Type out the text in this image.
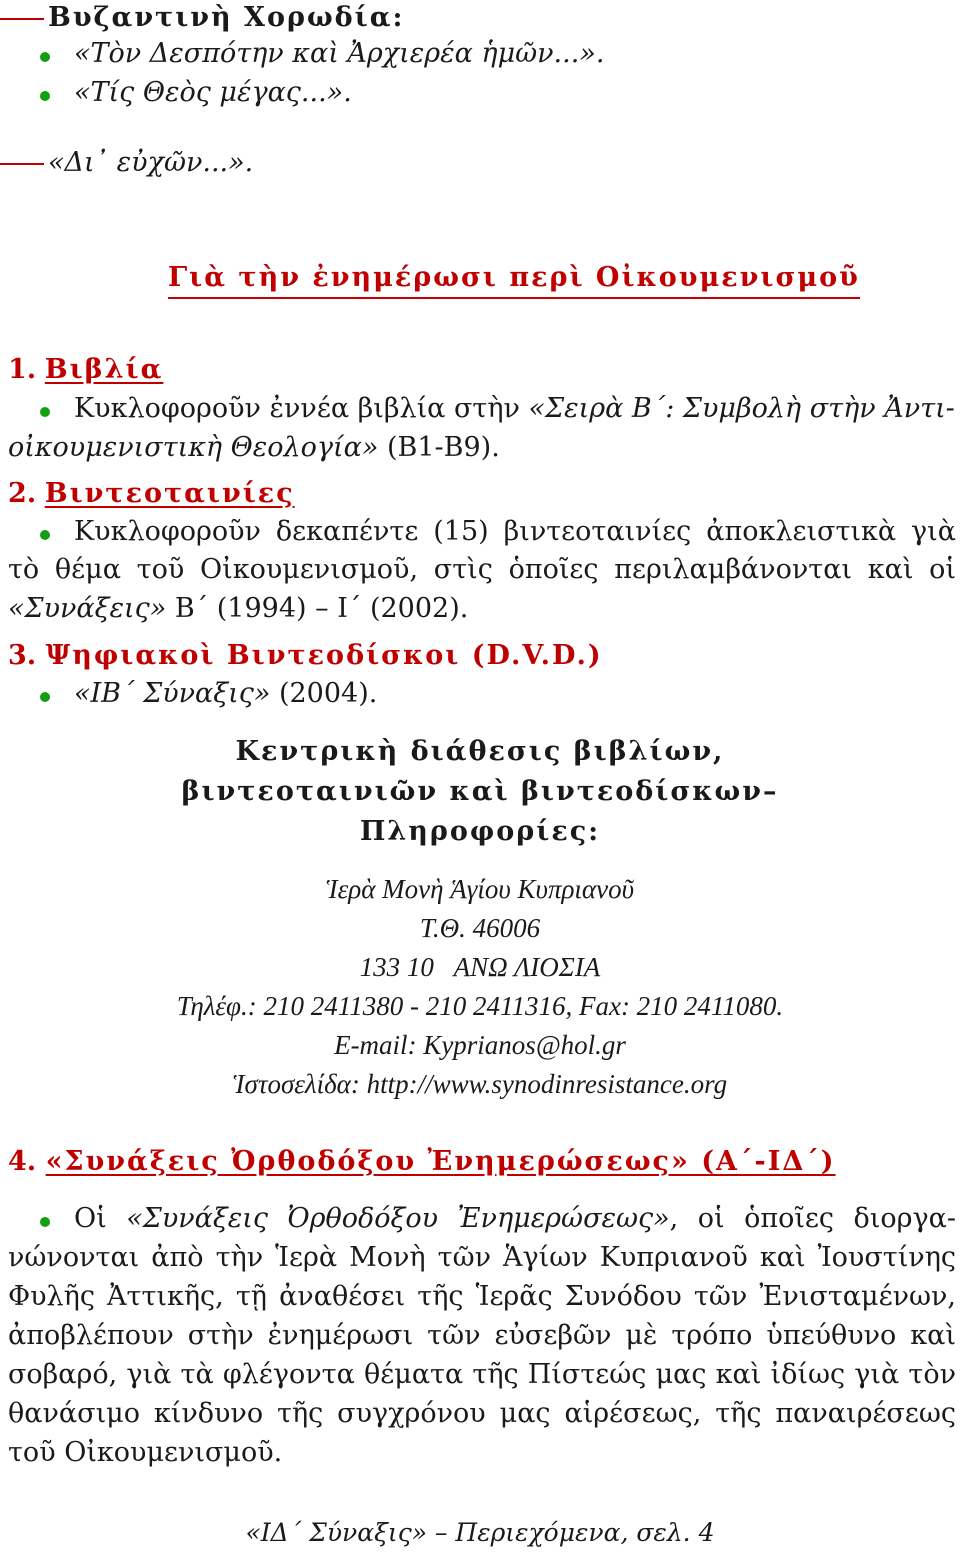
Βυζαντινὴ Χορωδία:
«Τὸν Δεσπότην καὶ Ἀρχιερέα ἡμῶν...».
«Τίς Θεὸς μέγας...».
«Δι᾽ εὐχῶν...».
Γιὰ τὴν ἐνημέρωσι περὶ Οἰκουμενισμοῦ
1. Βιβλία
Κυκλοφοροῦν ἐννέα βιβλία στὴν «Σειρὰ Β΄: Συμβολὴ στὴν Ἀντι-
οἰκουμενιστικὴ Θεολογία» (Β1-Β9).
2. Βιντεοταινίες
Κυκλοφοροῦν δεκαπέντε (15) βιντεοταινίες ἀποκλειστικὰ γιὰ
τὸ θέμα τοῦ Οἰκουμενισμοῦ, στὶς ὁποῖες περιλαμβάνονται καὶ οἱ
«Συνάξεις» Β΄ (1994) – Ι΄ (2002).
3. Ψηφιακοὶ Βιντεοδίσκοι (D.V.D.)
«ΙΒ΄ Σύναξις» (2004).
Κεντρικὴ διάθεσις βιβλίων,
βιντεοταινιῶν καὶ βιντεοδίσκων–
Πληροφορίες:
Ἱερὰ Μονὴ Ἁγίου Κυπριανοῦ
Τ.Θ. 46006
133 10   ΑΝΩ ΛΙΟΣΙΑ
Τηλέφ.: 210 2411380 - 210 2411316, Fax: 210 2411080.
E-mail: Kyprianos@hol.gr
Ἱστοσελίδα: http://www.synodinresistance.org
4. «Συνάξεις Ὀρθοδόξου Ἐνημερώσεως» (Α΄-ΙΔ΄)
Οἱ «Συνάξεις Ὀρθοδόξου Ἐνημερώσεως», οἱ ὁποῖες διοργα-
νώνονται ἀπὸ τὴν Ἱερὰ Μονὴ τῶν Ἁγίων Κυπριανοῦ καὶ Ἰουστίνης
Φυλῆς Ἀττικῆς, τῇ ἀναθέσει τῆς Ἱερᾶς Συνόδου τῶν Ἐνισταμένων,
ἀποβλέπουν στὴν ἐνημέρωσι τῶν εὐσεβῶν μὲ τρόπο ὑπεύθυνο καὶ
σοβαρό, γιὰ τὰ φλέγοντα θέματα τῆς Πίστεώς μας καὶ ἰδίως γιὰ τὸν
θανάσιμο κίνδυνο τῆς συγχρόνου μας αἱρέσεως, τῆς παναιρέσεως
τοῦ Οἰκουμενισμοῦ.
«ΙΔ΄ Σύναξις» – Περιεχόμενα, σελ. 4
